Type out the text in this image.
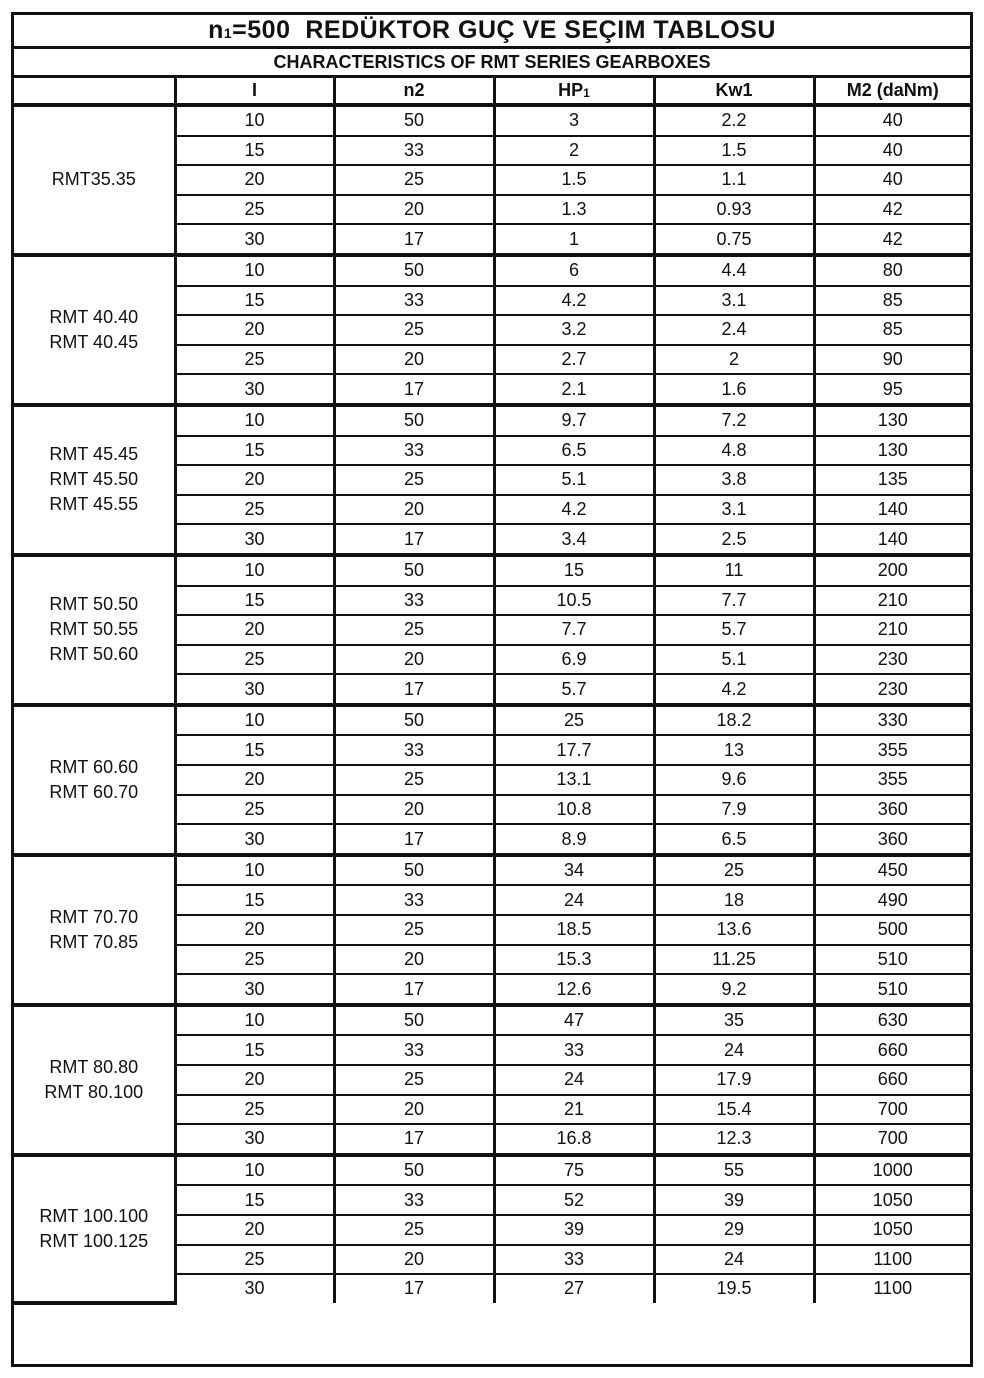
$n_1 =500$  REDÜKTOR GUÇ VE SEÇIM TABLOSU
CHARACTERISTICS OF RMT SERIES GEARBOXES
	I	n2	$HP_1$	Kw1	M2 (daNm)

RMT35.35	10	50	3	2.2	40
	15	33	2	1.5	40
	20	25	1.5	1.1	40
	25	20	1.3	0.93	42
	30	17	1	0.75	42

RMT 40.40
RMT 40.45	10	50	6	4.4	80
	15	33	4.2	3.1	85
	20	25	3.2	2.4	85
	25	20	2.7	2	90
	30	17	2.1	1.6	95

RMT 45.45
RMT 45.50
RMT 45.55	10	50	9.7	7.2	130
	15	33	6.5	4.8	130
	20	25	5.1	3.8	135
	25	20	4.2	3.1	140
	30	17	3.4	2.5	140

RMT 50.50
RMT 50.55
RMT 50.60	10	50	15	11	200
	15	33	10.5	7.7	210
	20	25	7.7	5.7	210
	25	20	6.9	5.1	230
	30	17	5.7	4.2	230

RMT 60.60
RMT 60.70	10	50	25	18.2	330
	15	33	17.7	13	355
	20	25	13.1	9.6	355
	25	20	10.8	7.9	360
	30	17	8.9	6.5	360

RMT 70.70
RMT 70.85	10	50	34	25	450
	15	33	24	18	490
	20	25	18.5	13.6	500
	25	20	15.3	11.25	510
	30	17	12.6	9.2	510

RMT 80.80
RMT 80.100	10	50	47	35	630
	15	33	33	24	660
	20	25	24	17.9	660
	25	20	21	15.4	700
	30	17	16.8	12.3	700

RMT 100.100
RMT 100.125	10	50	75	55	1000
	15	33	52	39	1050
	20	25	39	29	1050
	25	20	33	24	1100
	30	17	27	19.5	1100
